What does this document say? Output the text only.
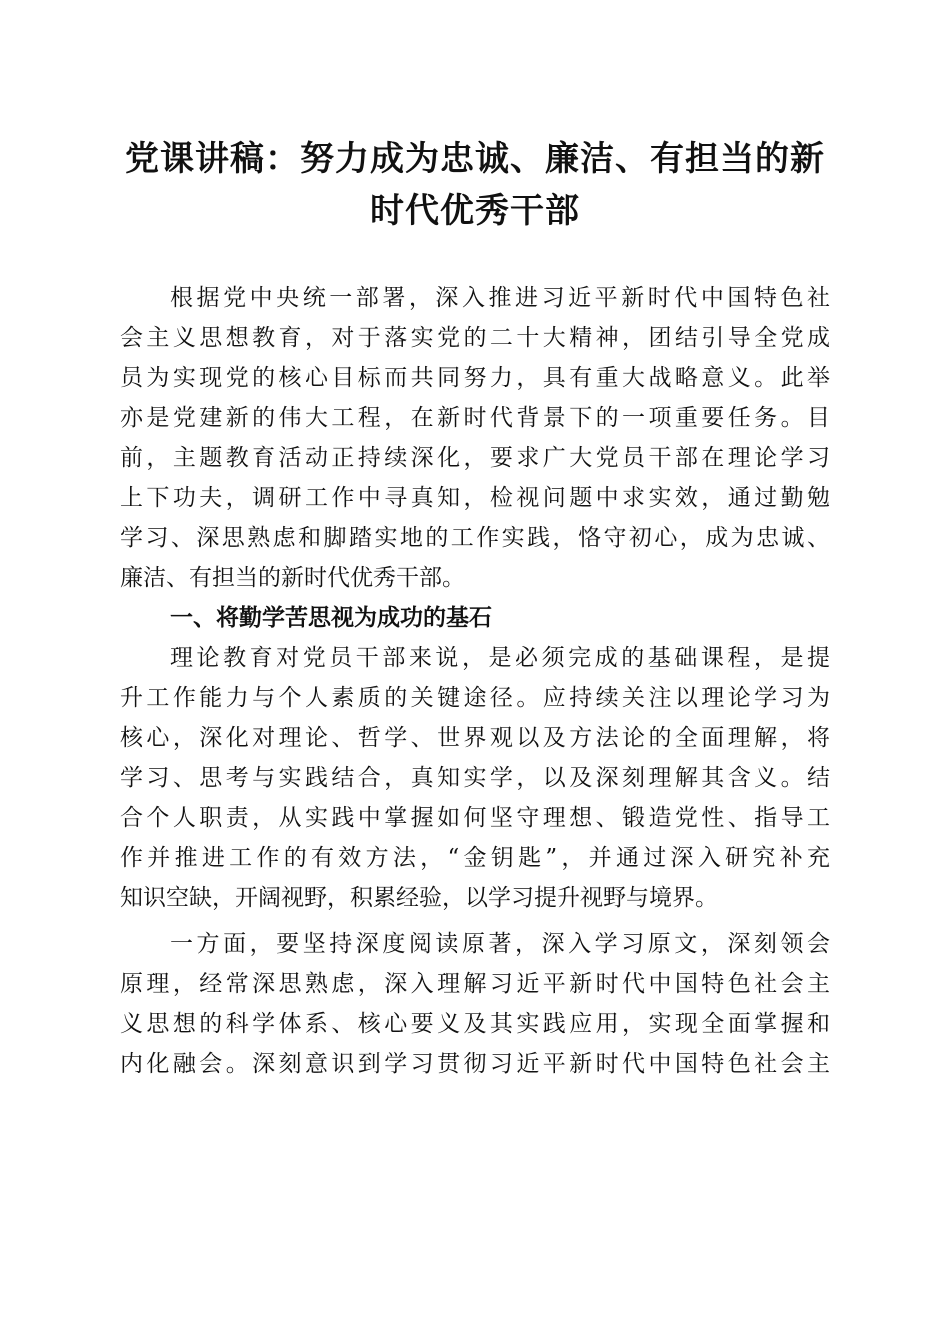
党课讲稿：努力成为忠诚、廉洁、有担当的新
时代优秀干部
根据党中央统一部署，深入推进习近平新时代中国特色社
会主义思想教育，对于落实党的二十大精神，团结引导全党成
员为实现党的核心目标而共同努力，具有重大战略意义。此举
亦是党建新的伟大工程，在新时代背景下的一项重要任务。目
前，主题教育活动正持续深化，要求广大党员干部在理论学习
上下功夫，调研工作中寻真知，检视问题中求实效，通过勤勉
学习、深思熟虑和脚踏实地的工作实践，恪守初心，成为忠诚、
廉洁、有担当的新时代优秀干部。
一、将勤学苦思视为成功的基石
理论教育对党员干部来说，是必须完成的基础课程，是提
升工作能力与个人素质的关键途径。应持续关注以理论学习为
核心，深化对理论、哲学、世界观以及方法论的全面理解，将
学习、思考与实践结合，真知实学，以及深刻理解其含义。结
合个人职责，从实践中掌握如何坚守理想、锻造党性、指导工
作并推进工作的有效方法，“金钥匙”，并通过深入研究补充
知识空缺，开阔视野，积累经验，以学习提升视野与境界。
一方面，要坚持深度阅读原著，深入学习原文，深刻领会
原理，经常深思熟虑，深入理解习近平新时代中国特色社会主
义思想的科学体系、核心要义及其实践应用，实现全面掌握和
内化融会。深刻意识到学习贯彻习近平新时代中国特色社会主
